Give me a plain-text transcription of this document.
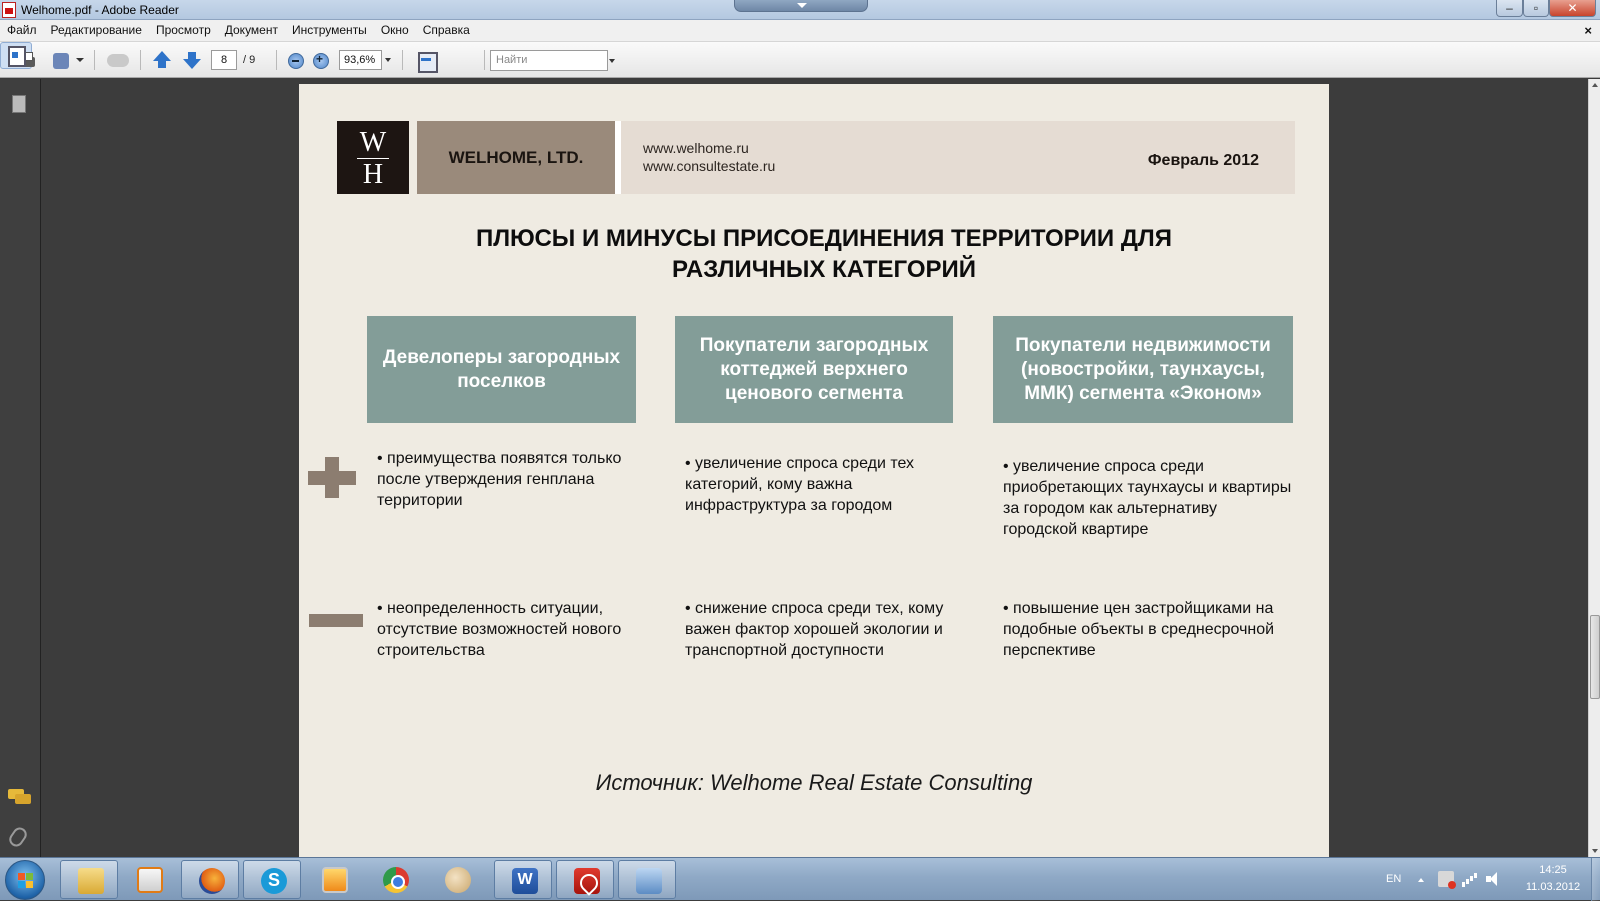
Welhome.pdf - Adobe Reader	–	▫	✕
Файл Редактирование Просмотр Документ Инструменты Окно Справка	×
8	/ 9
+	93,6%	Найти
W
H
WELHOME, LTD.	www.welhome.ru
www.consultestate.ru	Февраль 2012
ПЛЮСЫ И МИНУСЫ ПРИСОЕДИНЕНИЯ ТЕРРИТОРИИ ДЛЯ
РАЗЛИЧНЫХ КАТЕГОРИЙ
Девелоперы загородных поселков
Покупатели загородных коттеджей верхнего ценового сегмента
Покупатели недвижимости (новостройки, таунхаусы, ММК) сегмента «Эконом»
• преимущества появятся только после утверждения генплана территории
• увеличение спроса среди тех категорий, кому важна инфраструктура за городом
• увеличение спроса среди приобретающих таунхаусы и квартиры за городом как альтернативу городской квартире
• неопределенность ситуации, отсутствие возможностей нового строительства
• снижение спроса среди тех, кому важен фактор хорошей экологии и транспортной доступности
• повышение цен застройщиками на подобные объекты в среднесрочной перспективе
Источник: Welhome Real Estate Consulting
S
W
EN
14:25
11.03.2012
